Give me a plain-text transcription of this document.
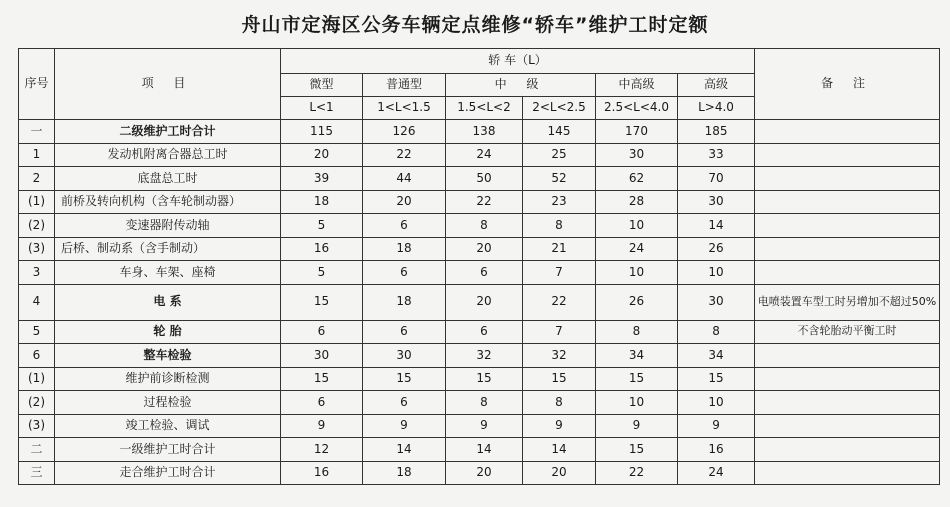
舟山市定海区公务车辆定点维修“轿车”维护工时定额
序号	项 目	轿 车（L）						备 注
		微型	普通型	中 级		中高级	高级	
		L<1	1<L<1.5	1.5<L<2	2<L<2.5	2.5<L<4.0	L>4.0	
一	二级维护工时合计	115	126	138	145	170	185	
1	发动机附离合器总工时	20	22	24	25	30	33	
2	底盘总工时	39	44	50	52	62	70	
(1)	前桥及转向机构（含车轮制动器）	18	20	22	23	28	30	
(2)	变速器附传动轴	5	6	8	8	10	14	
(3)	后桥、制动系（含手制动）	16	18	20	21	24	26	
3	车身、车架、座椅	5	6	6	7	10	10	
4	电 系	15	18	20	22	26	30	电喷装置车型工时另增加不超过50%
5	轮 胎	6	6	6	7	8	8	不含轮胎动平衡工时
6	整车检验	30	30	32	32	34	34	
(1)	维护前诊断检测	15	15	15	15	15	15	
(2)	过程检验	6	6	8	8	10	10	
(3)	竣工检验、调试	9	9	9	9	9	9	
二	一级维护工时合计	12	14	14	14	15	16	
三	走合维护工时合计	16	18	20	20	22	24	
